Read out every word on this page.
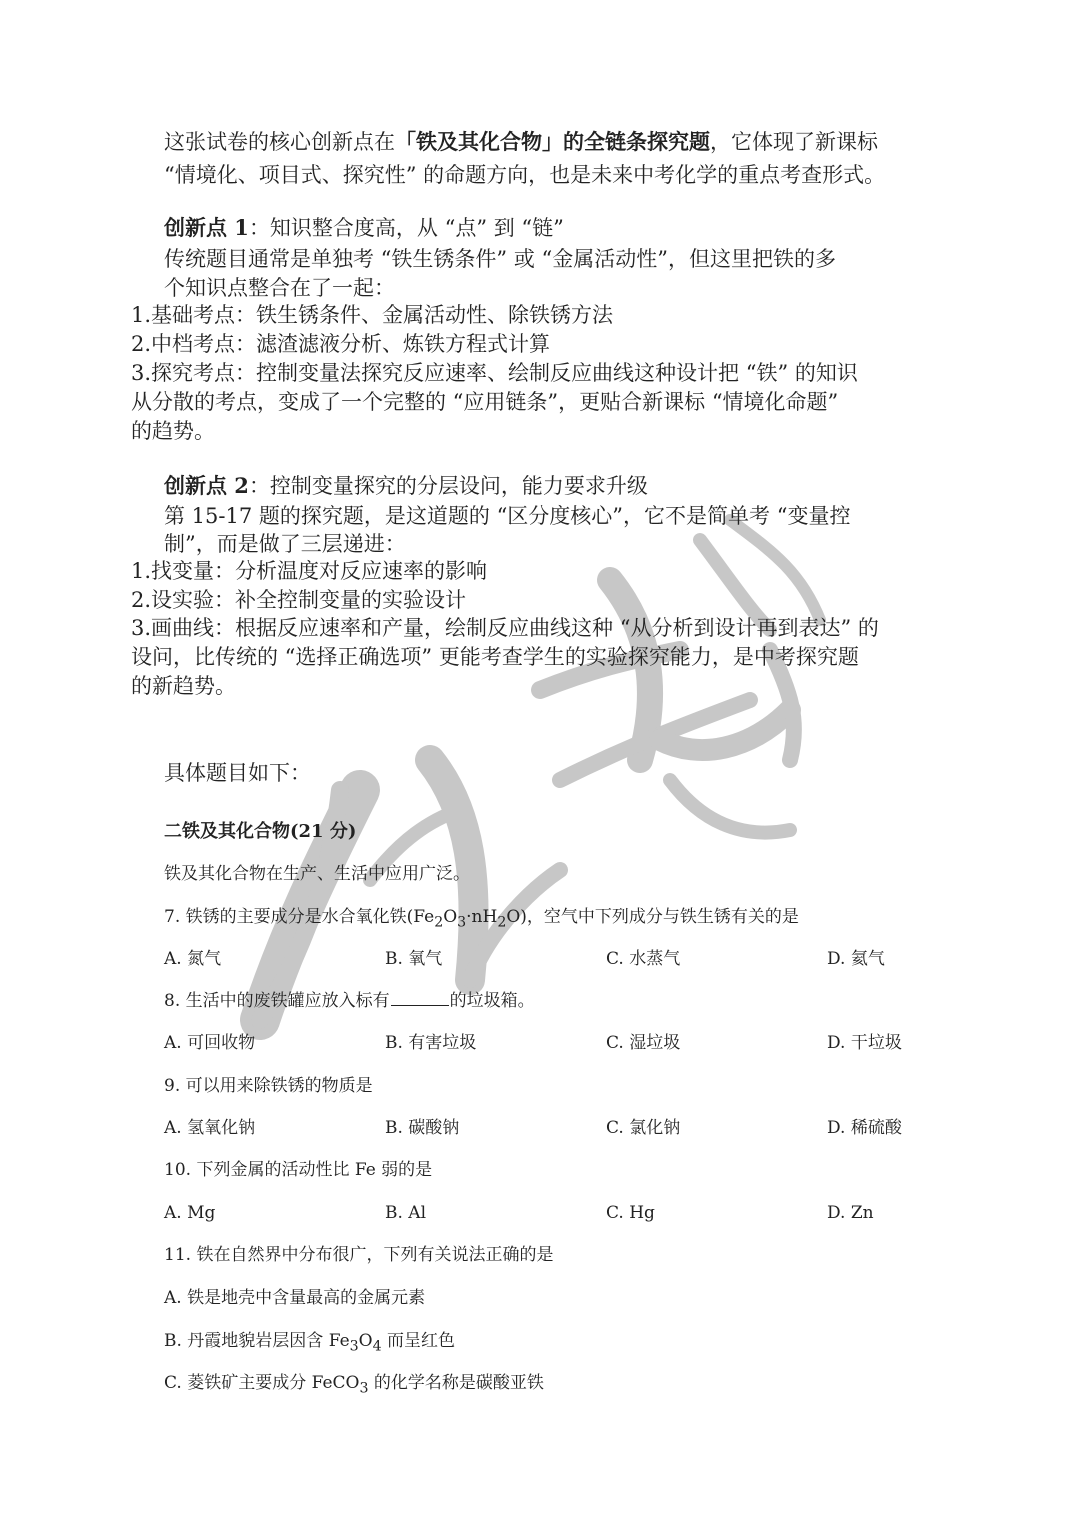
这张试卷的核心创新点在「铁及其化合物」的全链条探究题，它体现了新课标
“情境化、项目式、探究性” 的命题方向，也是未来中考化学的重点考查形式。
创新点 1：知识整合度高，从 “点” 到 “链”
传统题目通常是单独考 “铁生锈条件” 或 “金属活动性”，但这里把铁的多
个知识点整合在了一起：
1.基础考点：铁生锈条件、金属活动性、除铁锈方法
2.中档考点：滤渣滤液分析、炼铁方程式计算
3.探究考点：控制变量法探究反应速率、绘制反应曲线这种设计把 “铁” 的知识
从分散的考点，变成了一个完整的 “应用链条”，更贴合新课标 “情境化命题”
的趋势。
创新点 2：控制变量探究的分层设问，能力要求升级
第 15-17 题的探究题，是这道题的 “区分度核心”，它不是简单考 “变量控
制”，而是做了三层递进：
1.找变量：分析温度对反应速率的影响
2.设实验：补全控制变量的实验设计
3.画曲线：根据反应速率和产量，绘制反应曲线这种 “从分析到设计再到表达” 的
设问，比传统的 “选择正确选项” 更能考查学生的实验探究能力，是中考探究题
的新趋势。
具体题目如下：
二铁及其化合物(21 分)
铁及其化合物在生产、生活中应用广泛。
7. 铁锈的主要成分是水合氧化铁$(Fe_2O_3\cdot nH_2O)$，空气中下列成分与铁生锈有关的是
A. 氮气	B. 氧气	C. 水蒸气	D. 氦气
8. 生活中的废铁罐应放入标有	的垃圾箱。
A. 可回收物	B. 有害垃圾	C. 湿垃圾	D. 干垃圾
9. 可以用来除铁锈的物质是
A. 氢氧化钠	B. 碳酸钠	C. 氯化钠	D. 稀硫酸
10. 下列金属的活动性比 Fe 弱的是
A. Mg	B. Al	C. Hg	D. Zn
11. 铁在自然界中分布很广，下列有关说法正确的是
A. 铁是地壳中含量最高的金属元素
B. 丹霞地貌岩层因含 $Fe_3O_4$ 而呈红色
C. 菱铁矿主要成分 FeCO$_3$ 的化学名称是碳酸亚铁
